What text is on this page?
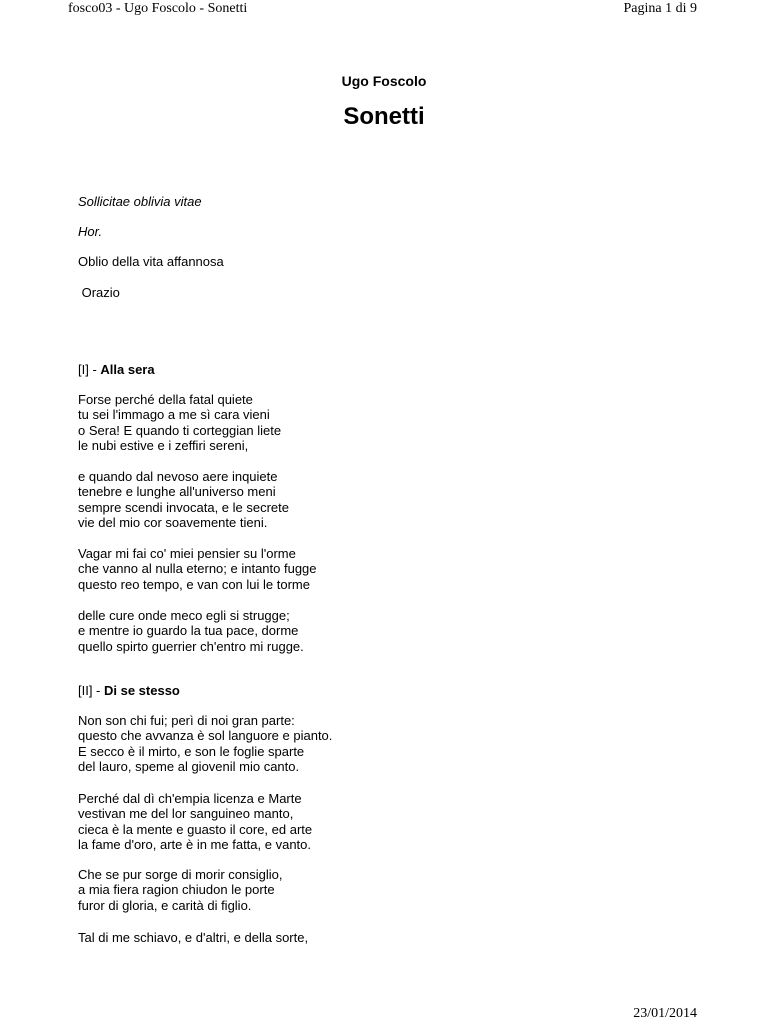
fosco03 - Ugo Foscolo - Sonetti	Pagina 1 di 9
Ugo Foscolo
Sonetti
Sollicitae oblivia vitae
Hor.
Oblio della vita affannosa
Orazio
[I] - Alla sera
Forse perché della fatal quiete
tu sei l'immago a me sì cara vieni
o Sera! E quando ti corteggian liete
le nubi estive e i zeffiri sereni,
e quando dal nevoso aere inquiete
tenebre e lunghe all'universo meni
sempre scendi invocata, e le secrete
vie del mio cor soavemente tieni.
Vagar mi fai co' miei pensier su l'orme
che vanno al nulla eterno; e intanto fugge
questo reo tempo, e van con lui le torme
delle cure onde meco egli si strugge;
e mentre io guardo la tua pace, dorme
quello spirto guerrier ch'entro mi rugge.
[II] - Di se stesso
Non son chi fui; perì di noi gran parte:
questo che avvanza è sol languore e pianto.
E secco è il mirto, e son le foglie sparte
del lauro, speme al giovenil mio canto.
Perché dal dì ch'empia licenza e Marte
vestivan me del lor sanguineo manto,
cieca è la mente e guasto il core, ed arte
la fame d'oro, arte è in me fatta, e vanto.
Che se pur sorge di morir consiglio,
a mia fiera ragion chiudon le porte
furor di gloria, e carità di figlio.
Tal di me schiavo, e d'altri, e della sorte,
23/01/2014
